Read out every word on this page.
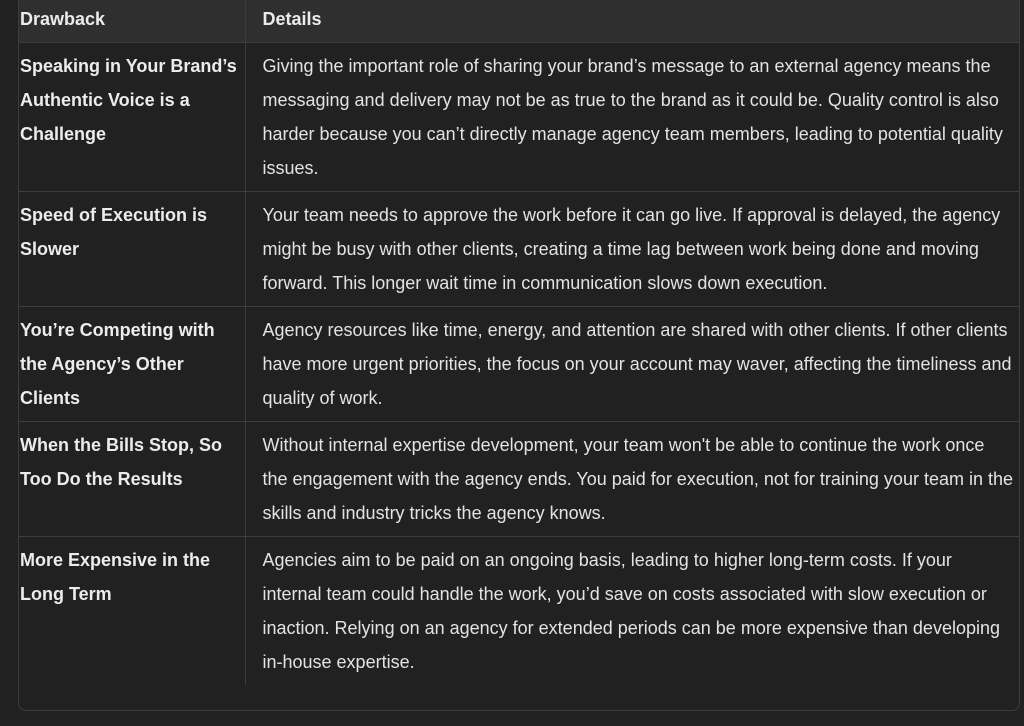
Drawback	Details
Speaking in Your Brand’s Authentic Voice is a Challenge	Giving the important role of sharing your brand’s message to an external agency means the messaging and delivery may not be as true to the brand as it could be. Quality control is also harder because you can’t directly manage agency team members, leading to potential quality issues.
Speed of Execution is Slower	Your team needs to approve the work before it can go live. If approval is delayed, the agency might be busy with other clients, creating a time lag between work being done and moving forward. This longer wait time in communication slows down execution.
You’re Competing with the Agency’s Other Clients	Agency resources like time, energy, and attention are shared with other clients. If other clients have more urgent priorities, the focus on your account may waver, affecting the timeliness and quality of work.
When the Bills Stop, So Too Do the Results	Without internal expertise development, your team won't be able to continue the work once the engagement with the agency ends. You paid for execution, not for training your team in the skills and industry tricks the agency knows.
More Expensive in the Long Term	Agencies aim to be paid on an ongoing basis, leading to higher long-term costs. If your internal team could handle the work, you’d save on costs associated with slow execution or inaction. Relying on an agency for extended periods can be more expensive than developing in-house expertise.
